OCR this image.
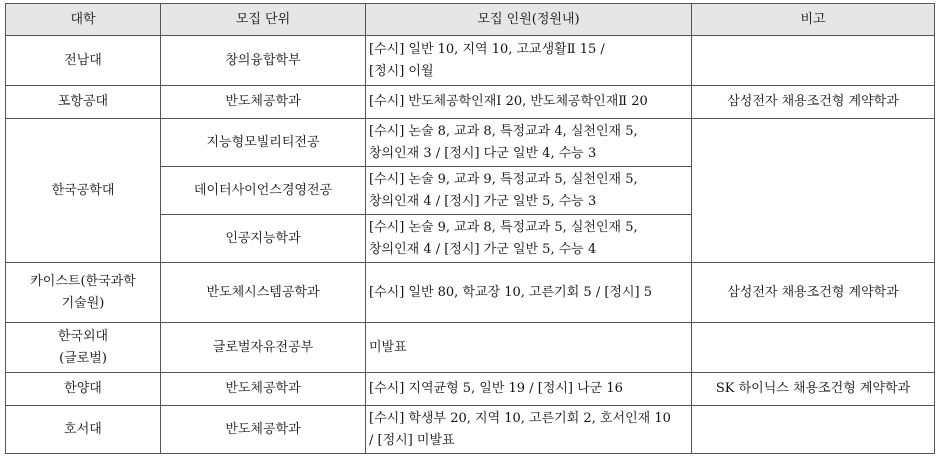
대학	모집 단위	모집 인원(정원내)	비고

전남대	창의융합학부	[수시] 일반 10, 지역 10, 고교생활Ⅱ 15 /
[정시] 이월	

포항공대	반도체공학과	[수시] 반도체공학인재Ⅰ 20, 반도체공학인재Ⅱ 20	삼성전자 채용조건형 계약학과

한국공학대	지능형모빌리티전공	[수시] 논술 8, 교과 8, 특정교과 4, 실천인재 5,
창의인재 3 / [정시] 다군 일반 4, 수능 3	

	데이터사이언스경영전공	[수시] 논술 9, 교과 9, 특정교과 5, 실천인재 5,
창의인재 4 / [정시] 가군 일반 5, 수능 3	

	인공지능학과	[수시] 논술 9, 교과 8, 특정교과 5, 실천인재 5,
창의인재 4 / [정시] 가군 일반 5, 수능 4	

카이스트(한국과학
기술원)	반도체시스템공학과	[수시] 일반 80, 학교장 10, 고른기회 5 / [정시] 5	삼성전자 채용조건형 계약학과

한국외대
(글로벌)	글로벌자유전공부	미발표	

한양대	반도체공학과	[수시] 지역균형 5, 일반 19 / [정시] 나군 16	SK 하이닉스 채용조건형 계약학과

호서대	반도체공학과	[수시] 학생부 20, 지역 10, 고른기회 2, 호서인재 10
/ [정시] 미발표	
